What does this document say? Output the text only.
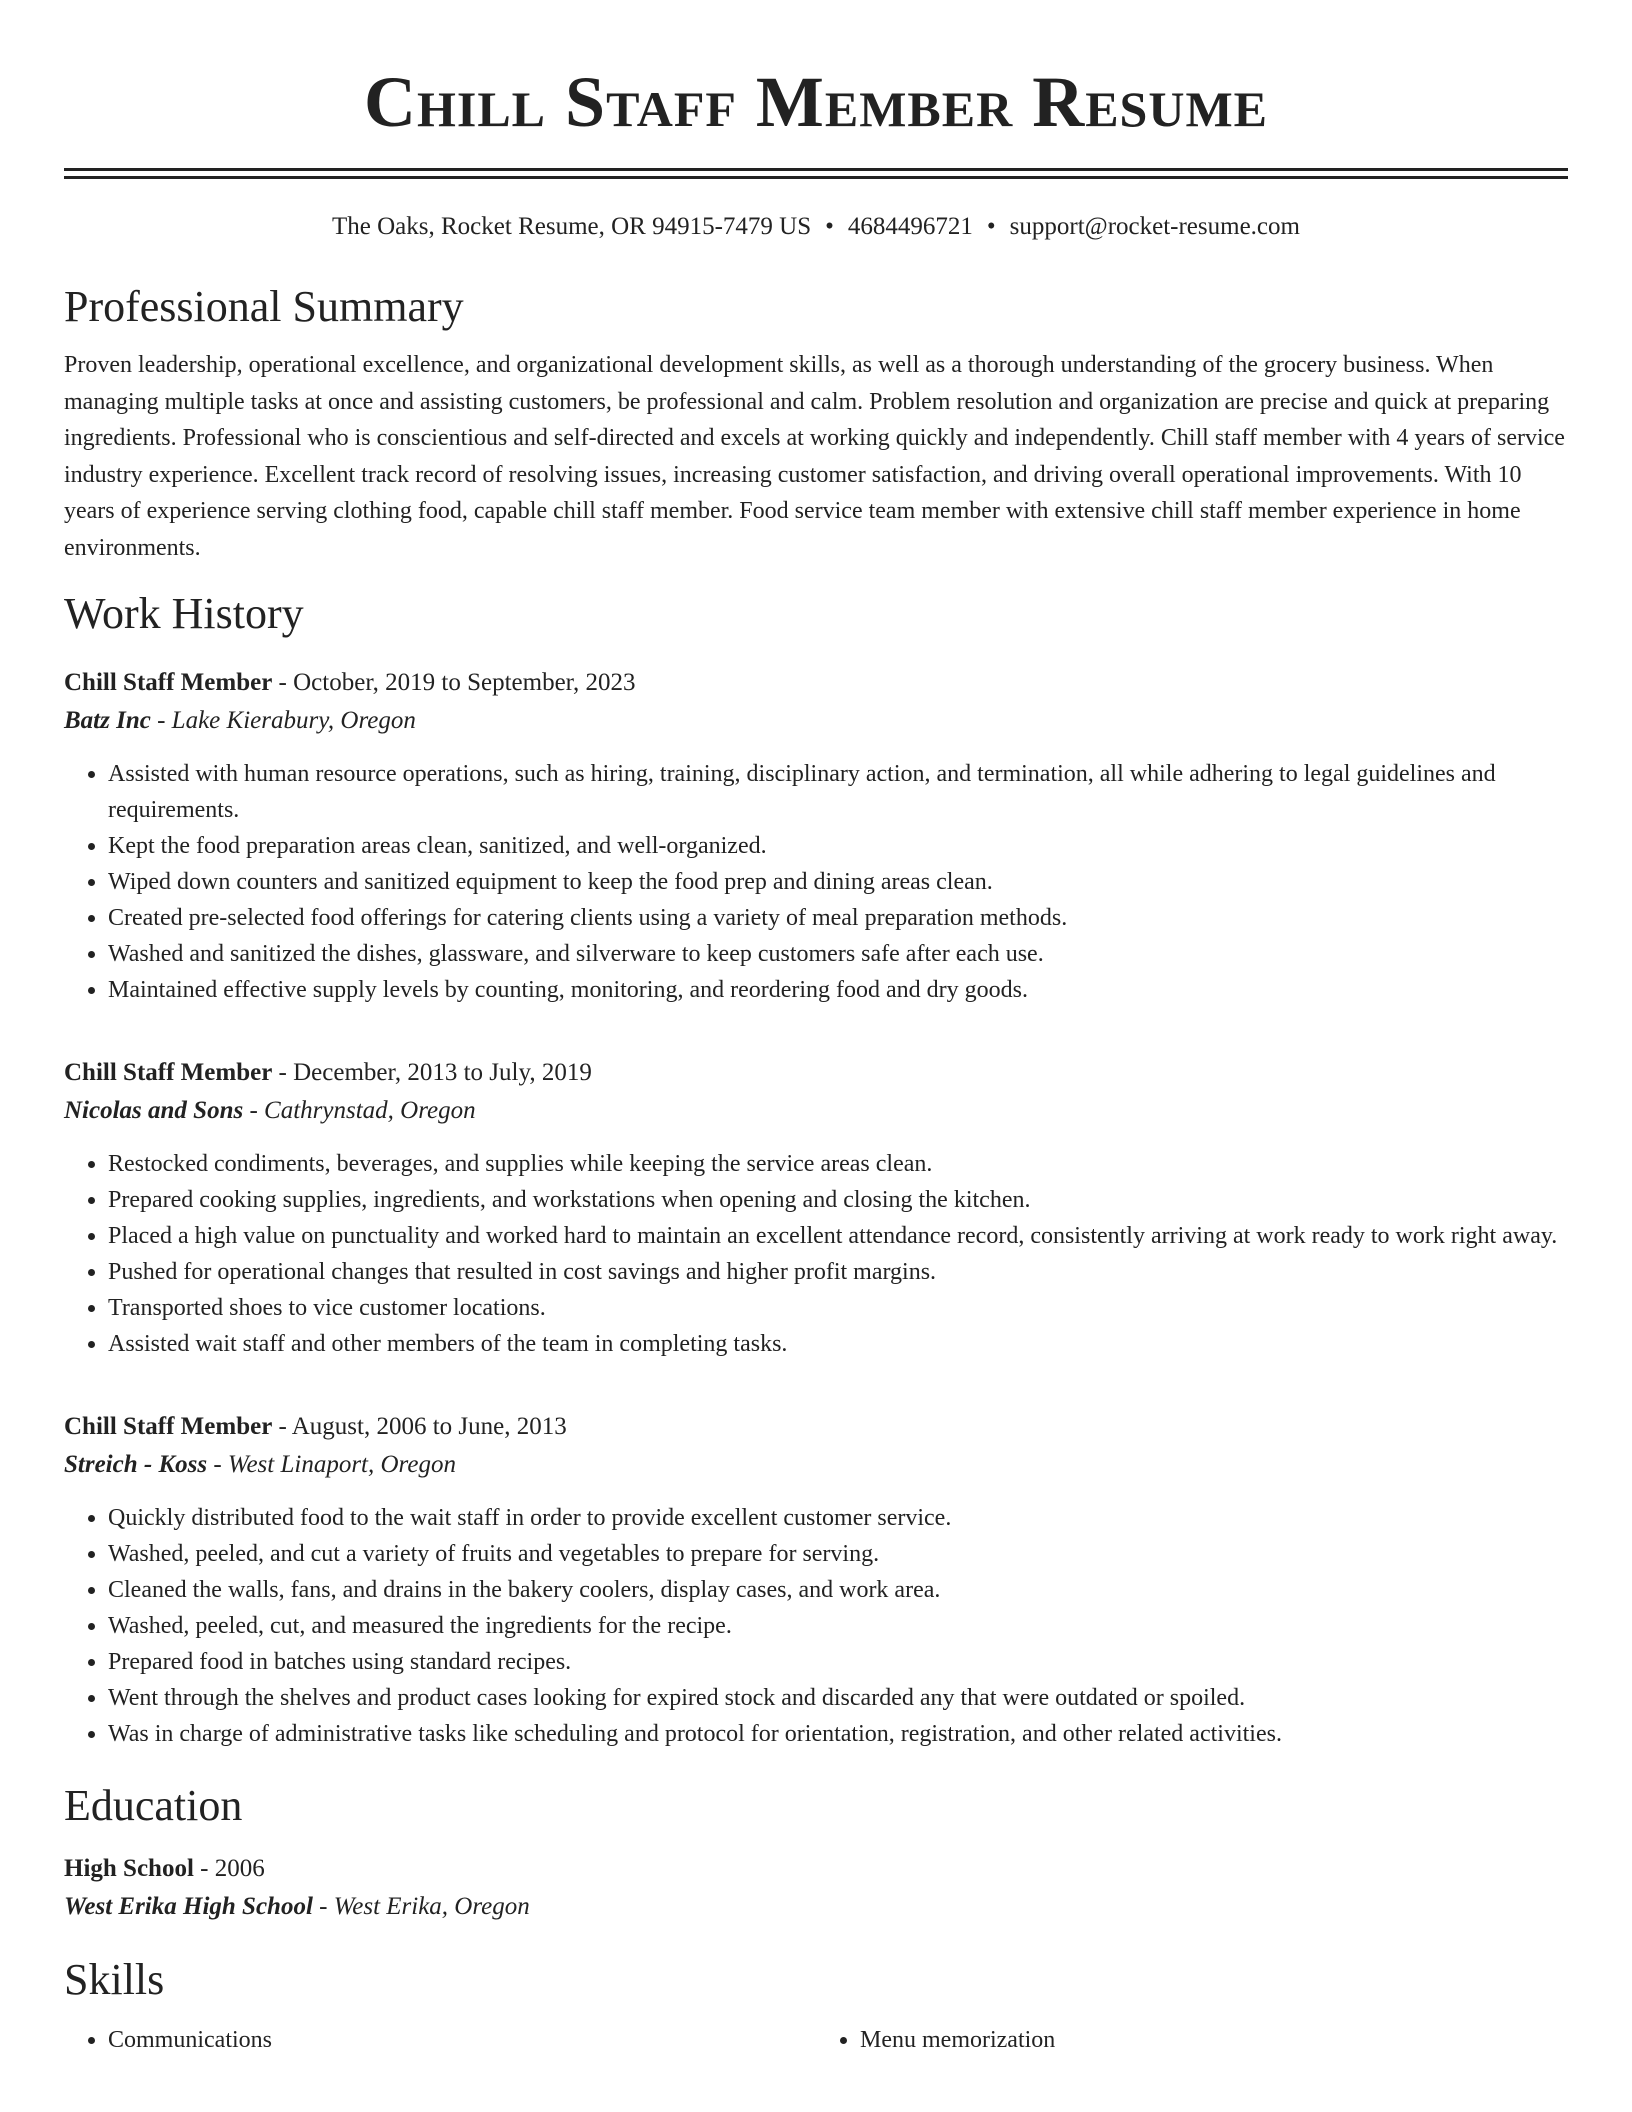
Chill Staff Member Resume
The Oaks, Rocket Resume, OR 94915-7479 US • 4684496721 • support@rocket-resume.com
Professional Summary
Proven leadership, operational excellence, and organizational development skills, as well as a thorough understanding of the grocery business. When managing multiple tasks at once and assisting customers, be professional and calm. Problem resolution and organization are precise and quick at preparing ingredients. Professional who is conscientious and self-directed and excels at working quickly and independently. Chill staff member with 4 years of service industry experience. Excellent track record of resolving issues, increasing customer satisfaction, and driving overall operational improvements. With 10 years of experience serving clothing food, capable chill staff member. Food service team member with extensive chill staff member experience in home environments.
Work History
Chill Staff Member - October, 2019 to September, 2023
Batz Inc - Lake Kierabury, Oregon
• Assisted with human resource operations, such as hiring, training, disciplinary action, and termination, all while adhering to legal guidelines and requirements.
• Kept the food preparation areas clean, sanitized, and well-organized.
• Wiped down counters and sanitized equipment to keep the food prep and dining areas clean.
• Created pre-selected food offerings for catering clients using a variety of meal preparation methods.
• Washed and sanitized the dishes, glassware, and silverware to keep customers safe after each use.
• Maintained effective supply levels by counting, monitoring, and reordering food and dry goods.
Chill Staff Member - December, 2013 to July, 2019
Nicolas and Sons - Cathrynstad, Oregon
• Restocked condiments, beverages, and supplies while keeping the service areas clean.
• Prepared cooking supplies, ingredients, and workstations when opening and closing the kitchen.
• Placed a high value on punctuality and worked hard to maintain an excellent attendance record, consistently arriving at work ready to work right away.
• Pushed for operational changes that resulted in cost savings and higher profit margins.
• Transported shoes to vice customer locations.
• Assisted wait staff and other members of the team in completing tasks.
Chill Staff Member - August, 2006 to June, 2013
Streich - Koss - West Linaport, Oregon
• Quickly distributed food to the wait staff in order to provide excellent customer service.
• Washed, peeled, and cut a variety of fruits and vegetables to prepare for serving.
• Cleaned the walls, fans, and drains in the bakery coolers, display cases, and work area.
• Washed, peeled, cut, and measured the ingredients for the recipe.
• Prepared food in batches using standard recipes.
• Went through the shelves and product cases looking for expired stock and discarded any that were outdated or spoiled.
• Was in charge of administrative tasks like scheduling and protocol for orientation, registration, and other related activities.
Education
High School - 2006
West Erika High School - West Erika, Oregon
Skills
• Communications
•	Menu memorization
